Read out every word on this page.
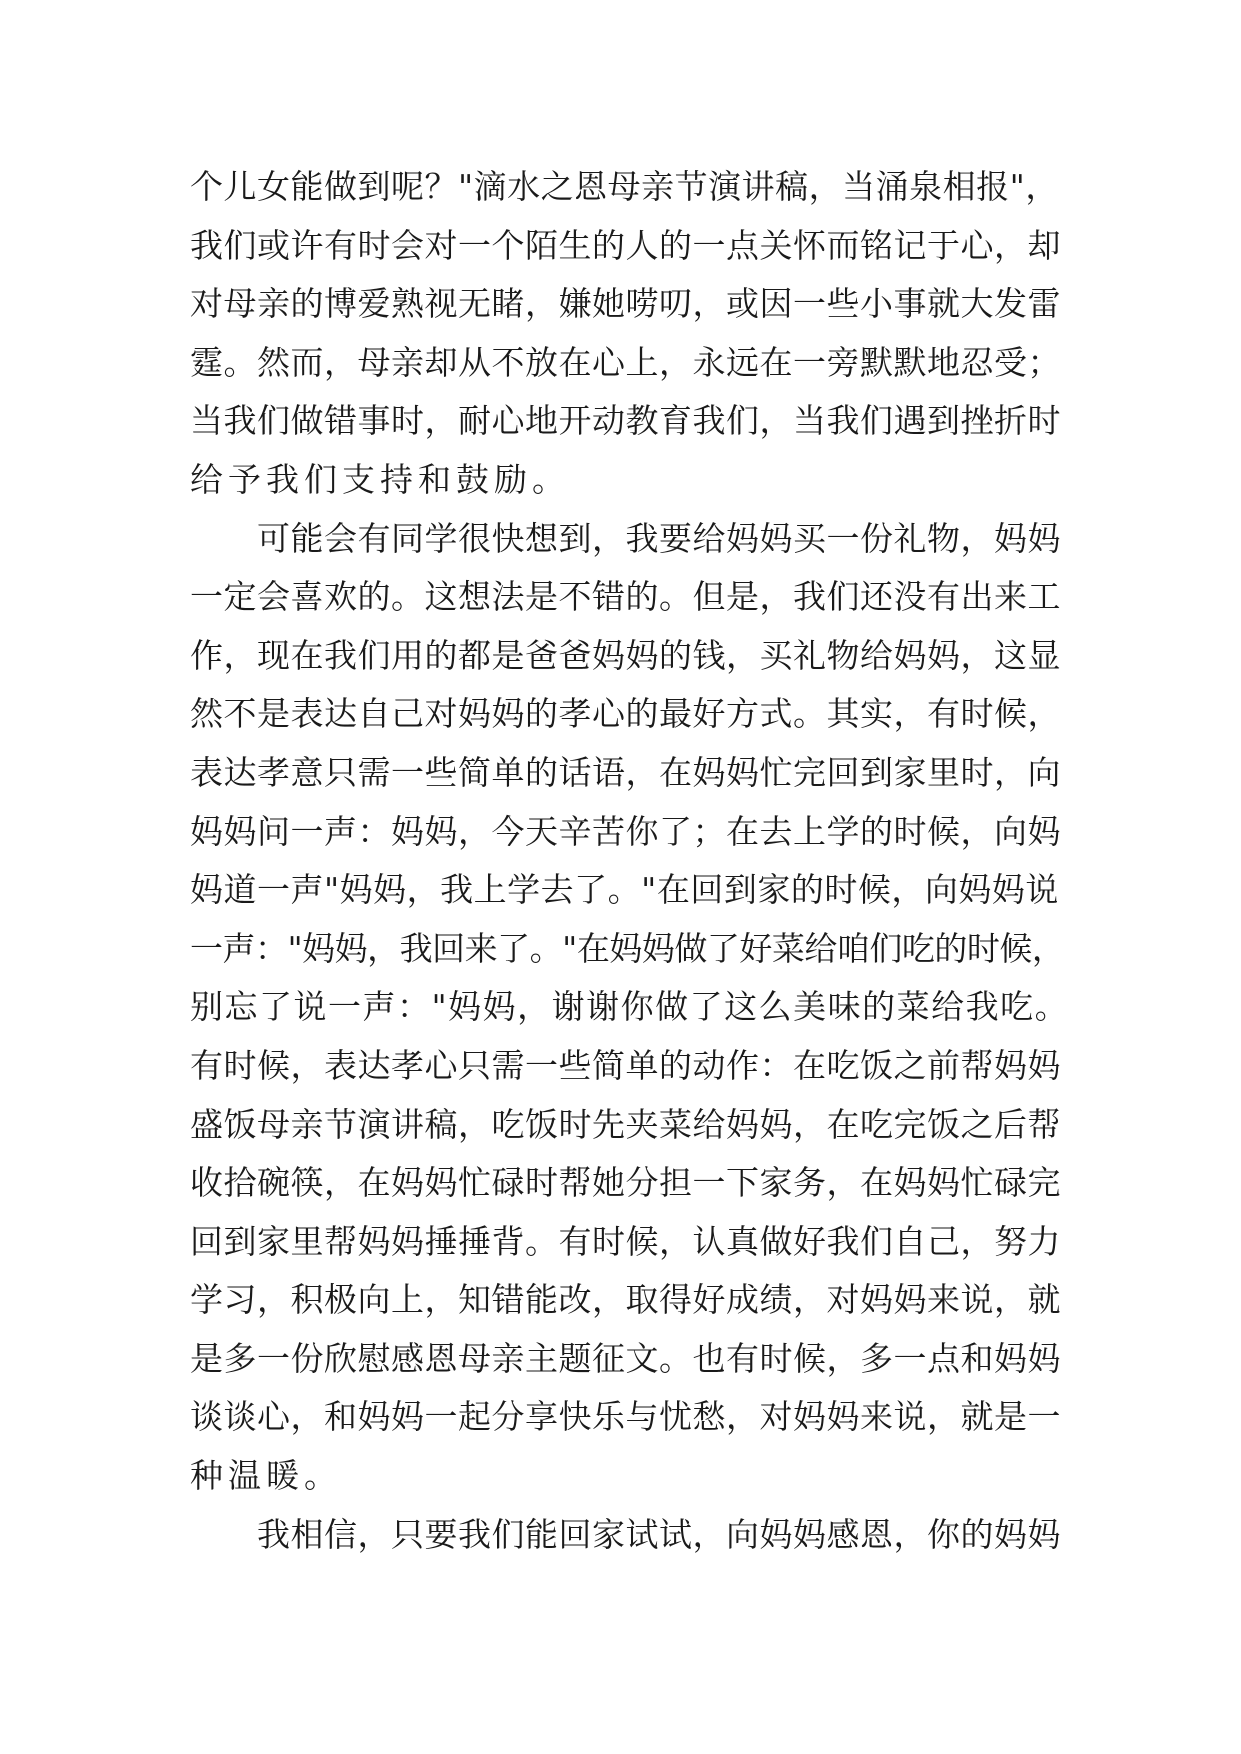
个儿女能做到呢？"滴水之恩母亲节演讲稿，当涌泉相报"，
我们或许有时会对一个陌生的人的一点关怀而铭记于心，却
对母亲的博爱熟视无睹，嫌她唠叨，或因一些小事就大发雷
霆。然而，母亲却从不放在心上，永远在一旁默默地忍受；
当我们做错事时，耐心地开动教育我们，当我们遇到挫折时
给予我们支持和鼓励。
　　可能会有同学很快想到，我要给妈妈买一份礼物，妈妈
一定会喜欢的。这想法是不错的。但是，我们还没有出来工
作，现在我们用的都是爸爸妈妈的钱，买礼物给妈妈，这显
然不是表达自己对妈妈的孝心的最好方式。其实，有时候，
表达孝意只需一些简单的话语，在妈妈忙完回到家里时，向
妈妈问一声：妈妈，今天辛苦你了；在去上学的时候，向妈
妈道一声"妈妈，我上学去了。"在回到家的时候，向妈妈说
一声："妈妈，我回来了。"在妈妈做了好菜给咱们吃的时候，
别忘了说一声："妈妈，谢谢你做了这么美味的菜给我吃。
有时候，表达孝心只需一些简单的动作：在吃饭之前帮妈妈
盛饭母亲节演讲稿，吃饭时先夹菜给妈妈，在吃完饭之后帮
收拾碗筷，在妈妈忙碌时帮她分担一下家务，在妈妈忙碌完
回到家里帮妈妈捶捶背。有时候，认真做好我们自己，努力
学习，积极向上，知错能改，取得好成绩，对妈妈来说，就
是多一份欣慰感恩母亲主题征文。也有时候，多一点和妈妈
谈谈心，和妈妈一起分享快乐与忧愁，对妈妈来说，就是一
种温暖。
　　我相信，只要我们能回家试试，向妈妈感恩，你的妈妈
